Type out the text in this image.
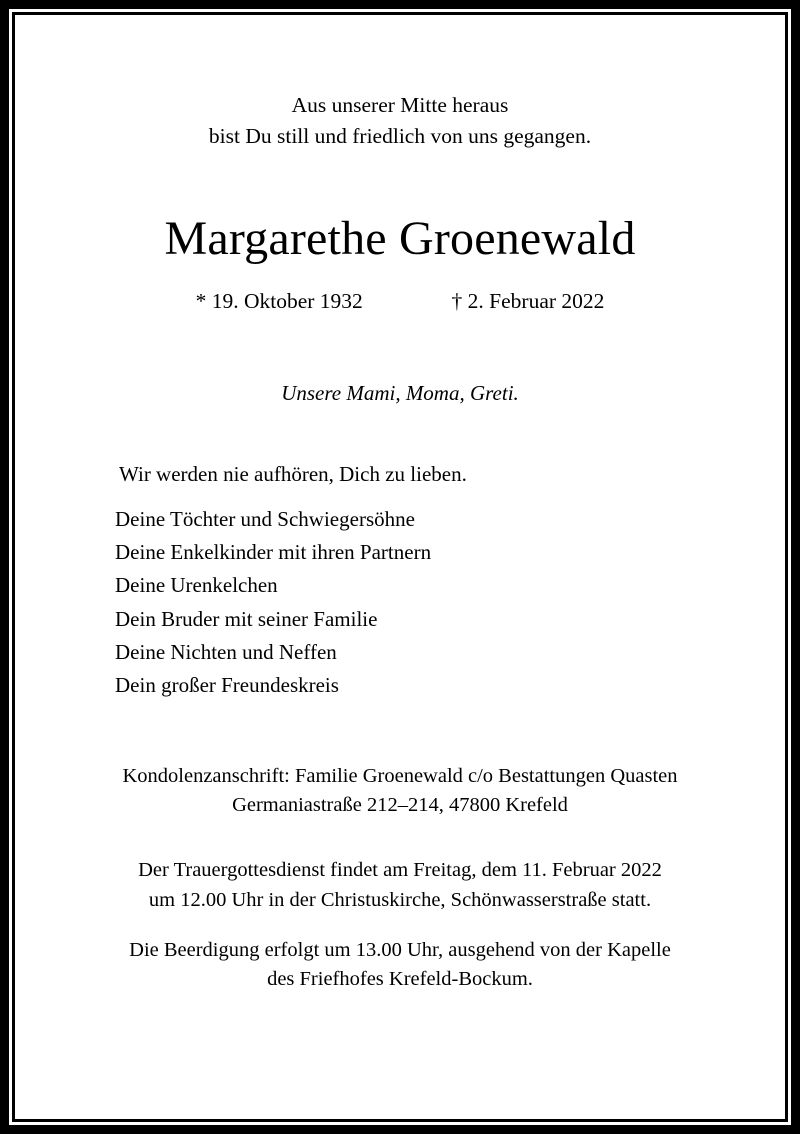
Aus unserer Mitte heraus
bist Du still und friedlich von uns gegangen.
Margarethe Groenewald
* 19. Oktober 1932	† 2. Februar 2022
Unsere Mami, Moma, Greti.
Wir werden nie aufhören, Dich zu lieben.
Deine Töchter und Schwiegersöhne
Deine Enkelkinder mit ihren Partnern
Deine Urenkelchen
Dein Bruder mit seiner Familie
Deine Nichten und Neffen
Dein großer Freundeskreis
Kondolenzanschrift: Familie Groenewald c/o Bestattungen Quasten
Germaniastraße 212–214, 47800 Krefeld
Der Trauergottesdienst findet am Freitag, dem 11. Februar 2022
um 12.00 Uhr in der Christuskirche, Schönwasserstraße statt.
Die Beerdigung erfolgt um 13.00 Uhr, ausgehend von der Kapelle
des Friefhofes Krefeld-Bockum.
